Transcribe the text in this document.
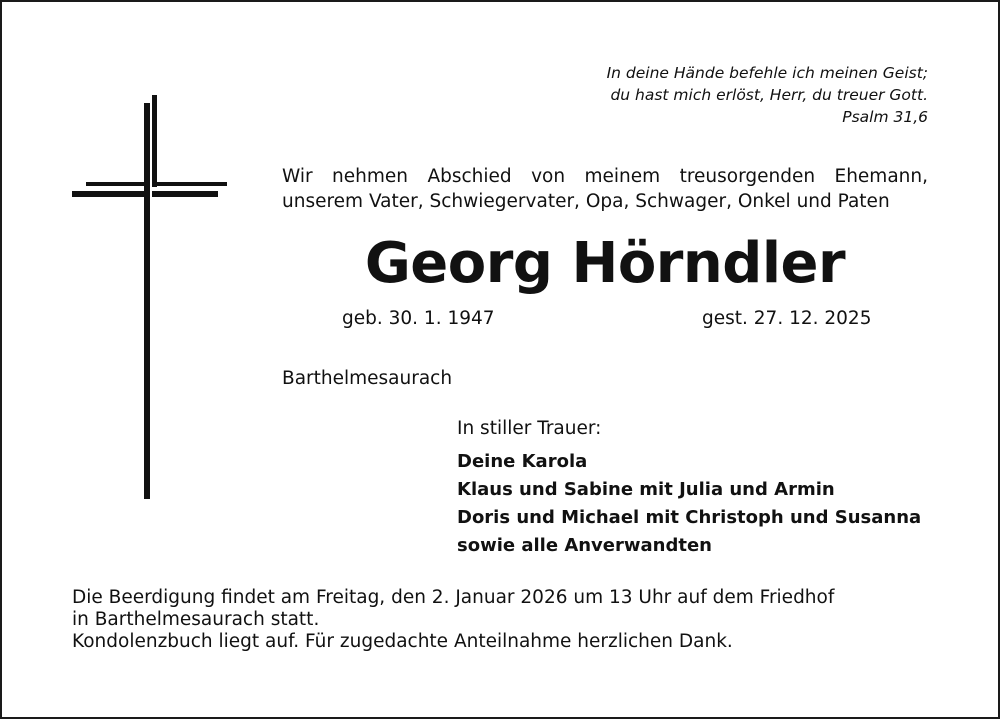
In deine Hände befehle ich meinen Geist;
du hast mich erlöst, Herr, du treuer Gott.
Psalm 31,6
Wir nehmen Abschied von meinem treusorgenden Ehemann,
unserem Vater, Schwiegervater, Opa, Schwager, Onkel und Paten
Georg Hörndler
geb. 30. 1. 1947	gest. 27. 12. 2025
Barthelmesaurach
In stiller Trauer:
Deine Karola
Klaus und Sabine mit Julia und Armin
Doris und Michael mit Christoph und Susanna
sowie alle Anverwandten
Die Beerdigung findet am Freitag, den 2. Januar 2026 um 13 Uhr auf dem Friedhof
in Barthelmesaurach statt.
Kondolenzbuch liegt auf. Für zugedachte Anteilnahme herzlichen Dank.
